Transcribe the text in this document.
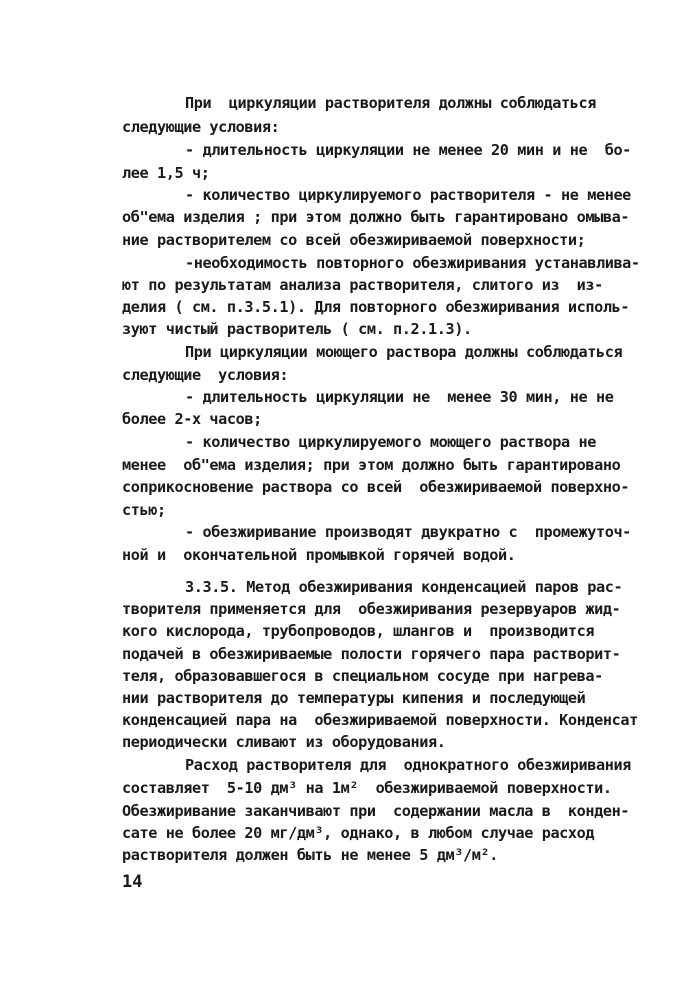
При  циркуляции растворителя должны соблюдаться
следующие условия:
- длительность циркуляции не менее 20 мин и не  бо-
лее 1,5 ч;
- количество циркулируемого растворителя - не менее
об"ема изделия ; при этом должно быть гарантировано омыва-
ние растворителем со всей обезжириваемой поверхности;
-необходимость повторного обезжиривания устанавлива-
ют по результатам анализа растворителя, слитого из  из-
делия ( см. п.3.5.1). Для повторного обезжиривания исполь-
зуют чистый растворитель ( см. п.2.1.3).
При циркуляции моющего раствора должны соблюдаться
следующие  условия:
- длительность циркуляции не  менее 30 мин, не не
более 2-х часов;
- количество циркулируемого моющего раствора не
менее  об"ема изделия; при этом должно быть гарантировано
соприкосновение раствора со всей  обезжириваемой поверхно-
стью;
- обезжиривание производят двукратно с  промежуточ-
ной и  окончательной промывкой горячей водой.
3.3.5. Метод обезжиривания конденсацией паров рас-
творителя применяется для  обезжиривания резервуаров жид-
кого кислорода, трубопроводов, шлангов и  производится
подачей в обезжириваемые полости горячего пара растворит-
теля, образовавшегося в специальном сосуде при нагрева-
нии растворителя до температуры кипения и последующей
конденсацией пара на  обезжириваемой поверхности. Конденсат
периодически сливают из оборудования.
Расход растворителя для  однократного обезжиривания
составляет  5-10 дм³ на 1м²  обезжириваемой поверхности.
Обезжиривание заканчивают при  содержании масла в  конден-
сате не более 20 мг/дм³, однако, в любом случае расход
растворителя должен быть не менее 5 дм³/м².
14
